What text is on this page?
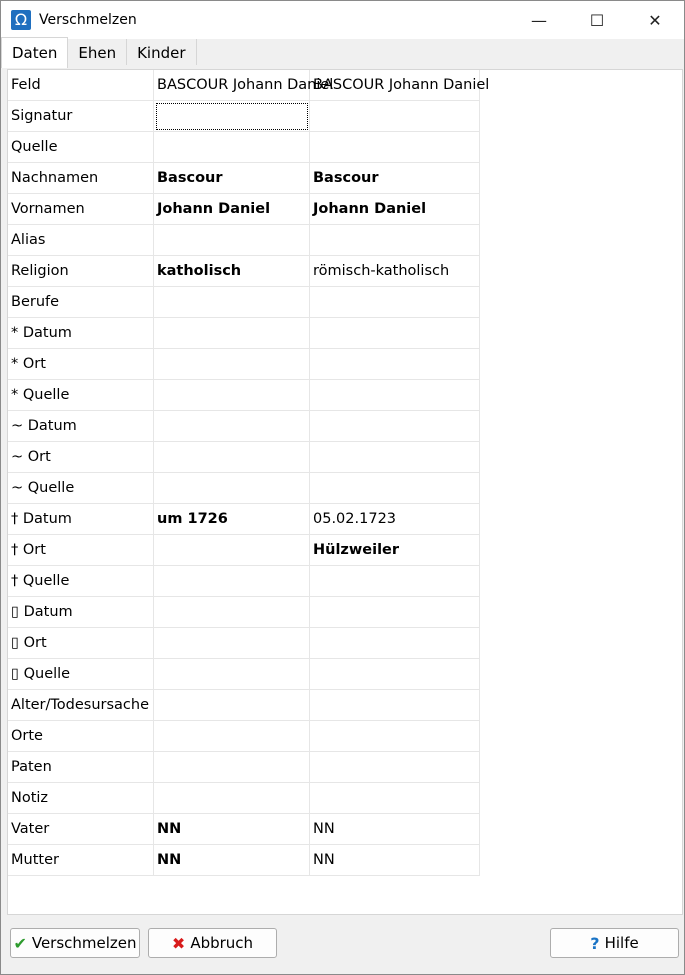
Ω Verschmelzen	—	☐	✕
Daten	Ehen	Kinder
Feld	BASCOUR Johann Daniel	BASCOUR Johann Daniel
Signatur		
Quelle		
Nachnamen	Bascour	Bascour
Vornamen	Johann Daniel	Johann Daniel
Alias		
Religion	katholisch	römisch-katholisch
Berufe		
* Datum		
* Ort		
* Quelle		
~ Datum		
~ Ort		
~ Quelle		
† Datum	um 1726	05.02.1723
† Ort		Hülzweiler
† Quelle		
▯ Datum		
▯ Ort		
▯ Quelle		
Alter/Todesursache		
Orte		
Paten		
Notiz		
Vater	NN	NN
Mutter	NN	NN
✔ Verschmelzen ✖ Abbruch	? Hilfe
